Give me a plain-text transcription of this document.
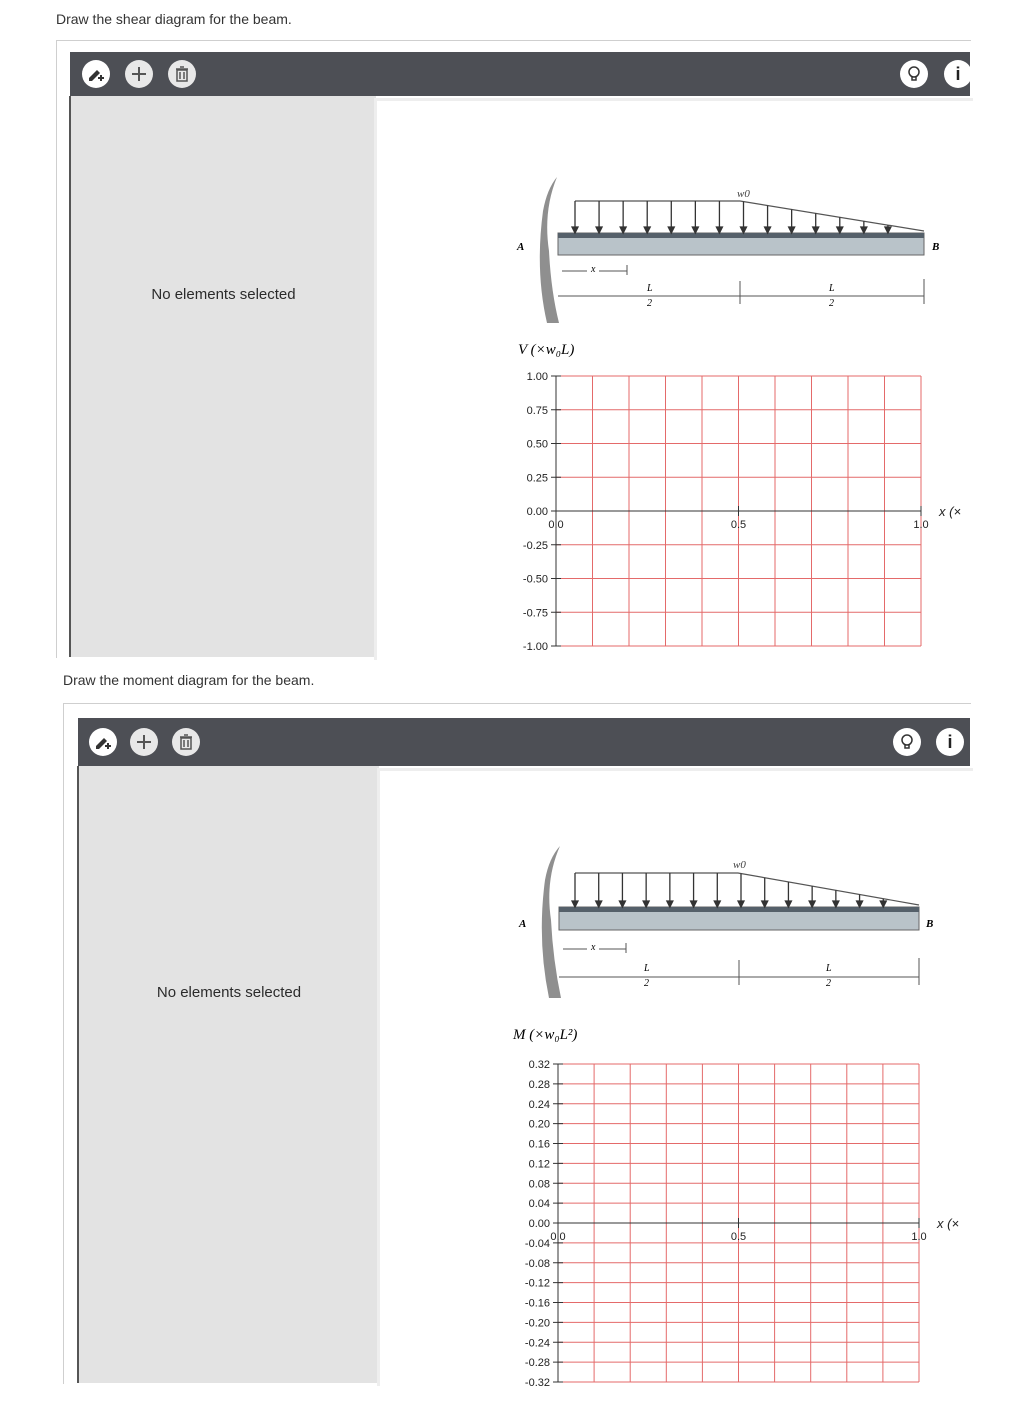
Draw the shear diagram for the beam.
i
No elements selected
w0
A	B
x
L
2
L
2
V (×w₀L)
1.00
0.75
0.50
0.25
0.00
-0.25
-0.50
-0.75
-1.00
0.0	0.5	1.0
x (×
Draw the moment diagram for the beam.
i
No elements selected
w0
A	B
x
L
2
L
2
M (×w₀L²)
0.32
0.28
0.24
0.20
0.16
0.12
0.08
0.04
0.00
-0.04
-0.08
-0.12
-0.16
-0.20
-0.24
-0.28
-0.32
0.0	0.5	1.0
x (×
